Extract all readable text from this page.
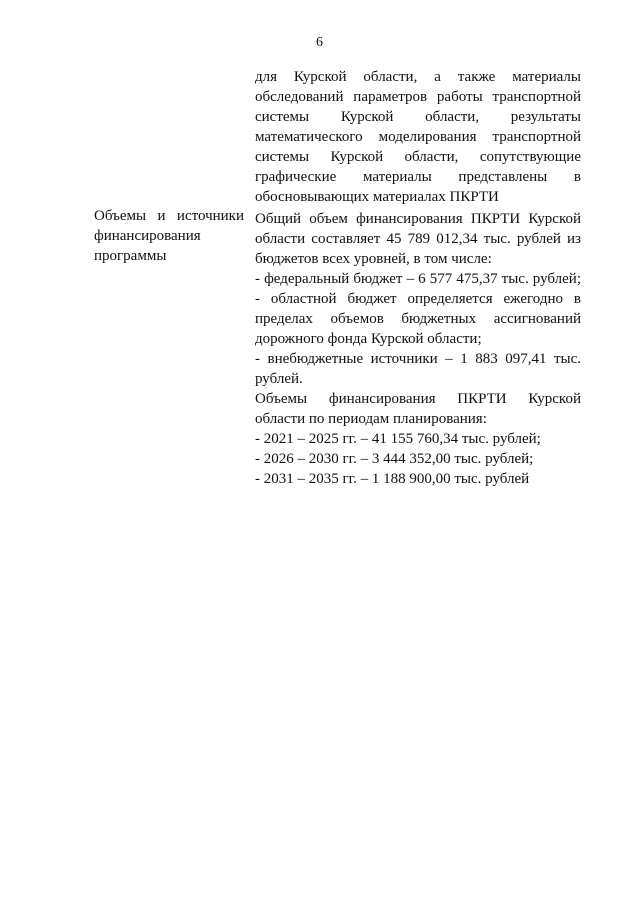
6
Объемы и источники
финансирования
программы
для Курской области, а также материалы
обследований параметров работы транспортной
системы Курской области, результаты
математического моделирования транспортной
системы Курской области, сопутствующие
графические материалы представлены в
обосновывающих материалах ПКРТИ
Общий объем финансирования ПКРТИ Курской
области составляет 45 789 012,34 тыс. рублей из
бюджетов всех уровней, в том числе:
- федеральный бюджет – 6 577 475,37 тыс. рублей;
- областной бюджет определяется ежегодно в
пределах объемов бюджетных ассигнований
дорожного фонда Курской области;
- внебюджетные источники – 1 883 097,41 тыс.
рублей.
Объемы финансирования ПКРТИ Курской
области по периодам планирования:
- 2021 – 2025 гг. – 41 155 760,34 тыс. рублей;
- 2026 – 2030 гг. – 3 444 352,00 тыс. рублей;
- 2031 – 2035 гг. – 1 188 900,00 тыс. рублей
